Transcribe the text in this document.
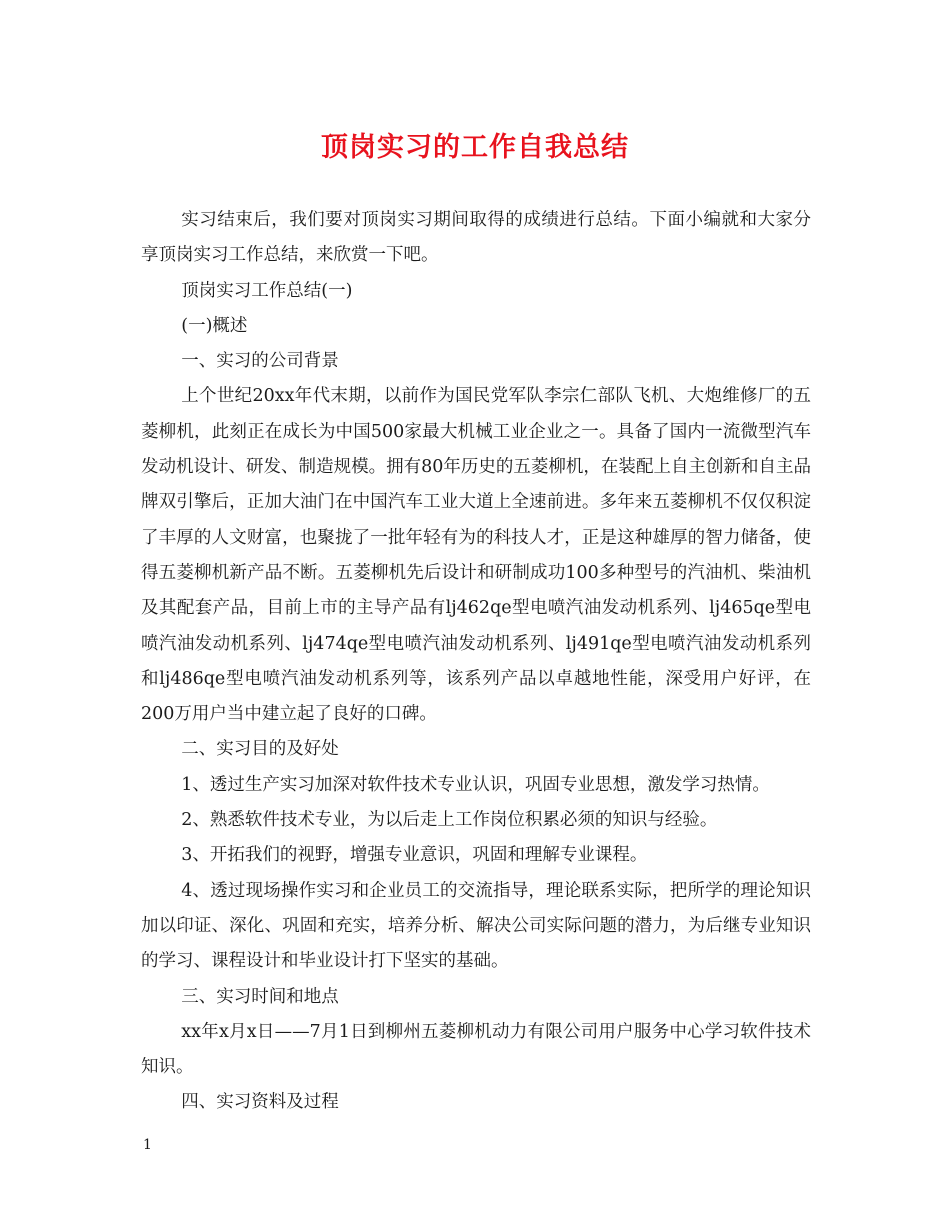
顶岗实习的工作自我总结

实习结束后，我们要对顶岗实习期间取得的成绩进行总结。下面小编就和大家分享顶岗实习工作总结，来欣赏一下吧。

顶岗实习工作总结(一)

(一)概述

一、实习的公司背景

上个世纪20xx年代末期，以前作为国民党军队李宗仁部队飞机、大炮维修厂的五菱柳机，此刻正在成长为中国500家最大机械工业企业之一。具备了国内一流微型汽车发动机设计、研发、制造规模。拥有80年历史的五菱柳机，在装配上自主创新和自主品牌双引擎后，正加大油门在中国汽车工业大道上全速前进。多年来五菱柳机不仅仅积淀了丰厚的人文财富，也聚拢了一批年轻有为的科技人才，正是这种雄厚的智力储备，使得五菱柳机新产品不断。五菱柳机先后设计和研制成功100多种型号的汽油机、柴油机及其配套产品，目前上市的主导产品有lj462qe型电喷汽油发动机系列、lj465qe型电喷汽油发动机系列、lj474qe型电喷汽油发动机系列、lj491qe型电喷汽油发动机系列和lj486qe型电喷汽油发动机系列等，该系列产品以卓越地性能，深受用户好评，在200万用户当中建立起了良好的口碑。

二、实习目的及好处

1、透过生产实习加深对软件技术专业认识，巩固专业思想，激发学习热情。

2、熟悉软件技术专业，为以后走上工作岗位积累必须的知识与经验。

3、开拓我们的视野，增强专业意识，巩固和理解专业课程。

4、透过现场操作实习和企业员工的交流指导，理论联系实际，把所学的理论知识加以印证、深化、巩固和充实，培养分析、解决公司实际问题的潜力，为后继专业知识的学习、课程设计和毕业设计打下坚实的基础。

三、实习时间和地点

xx年x月x日——7月1日到柳州五菱柳机动力有限公司用户服务中心学习软件技术知识。

四、实习资料及过程

1
